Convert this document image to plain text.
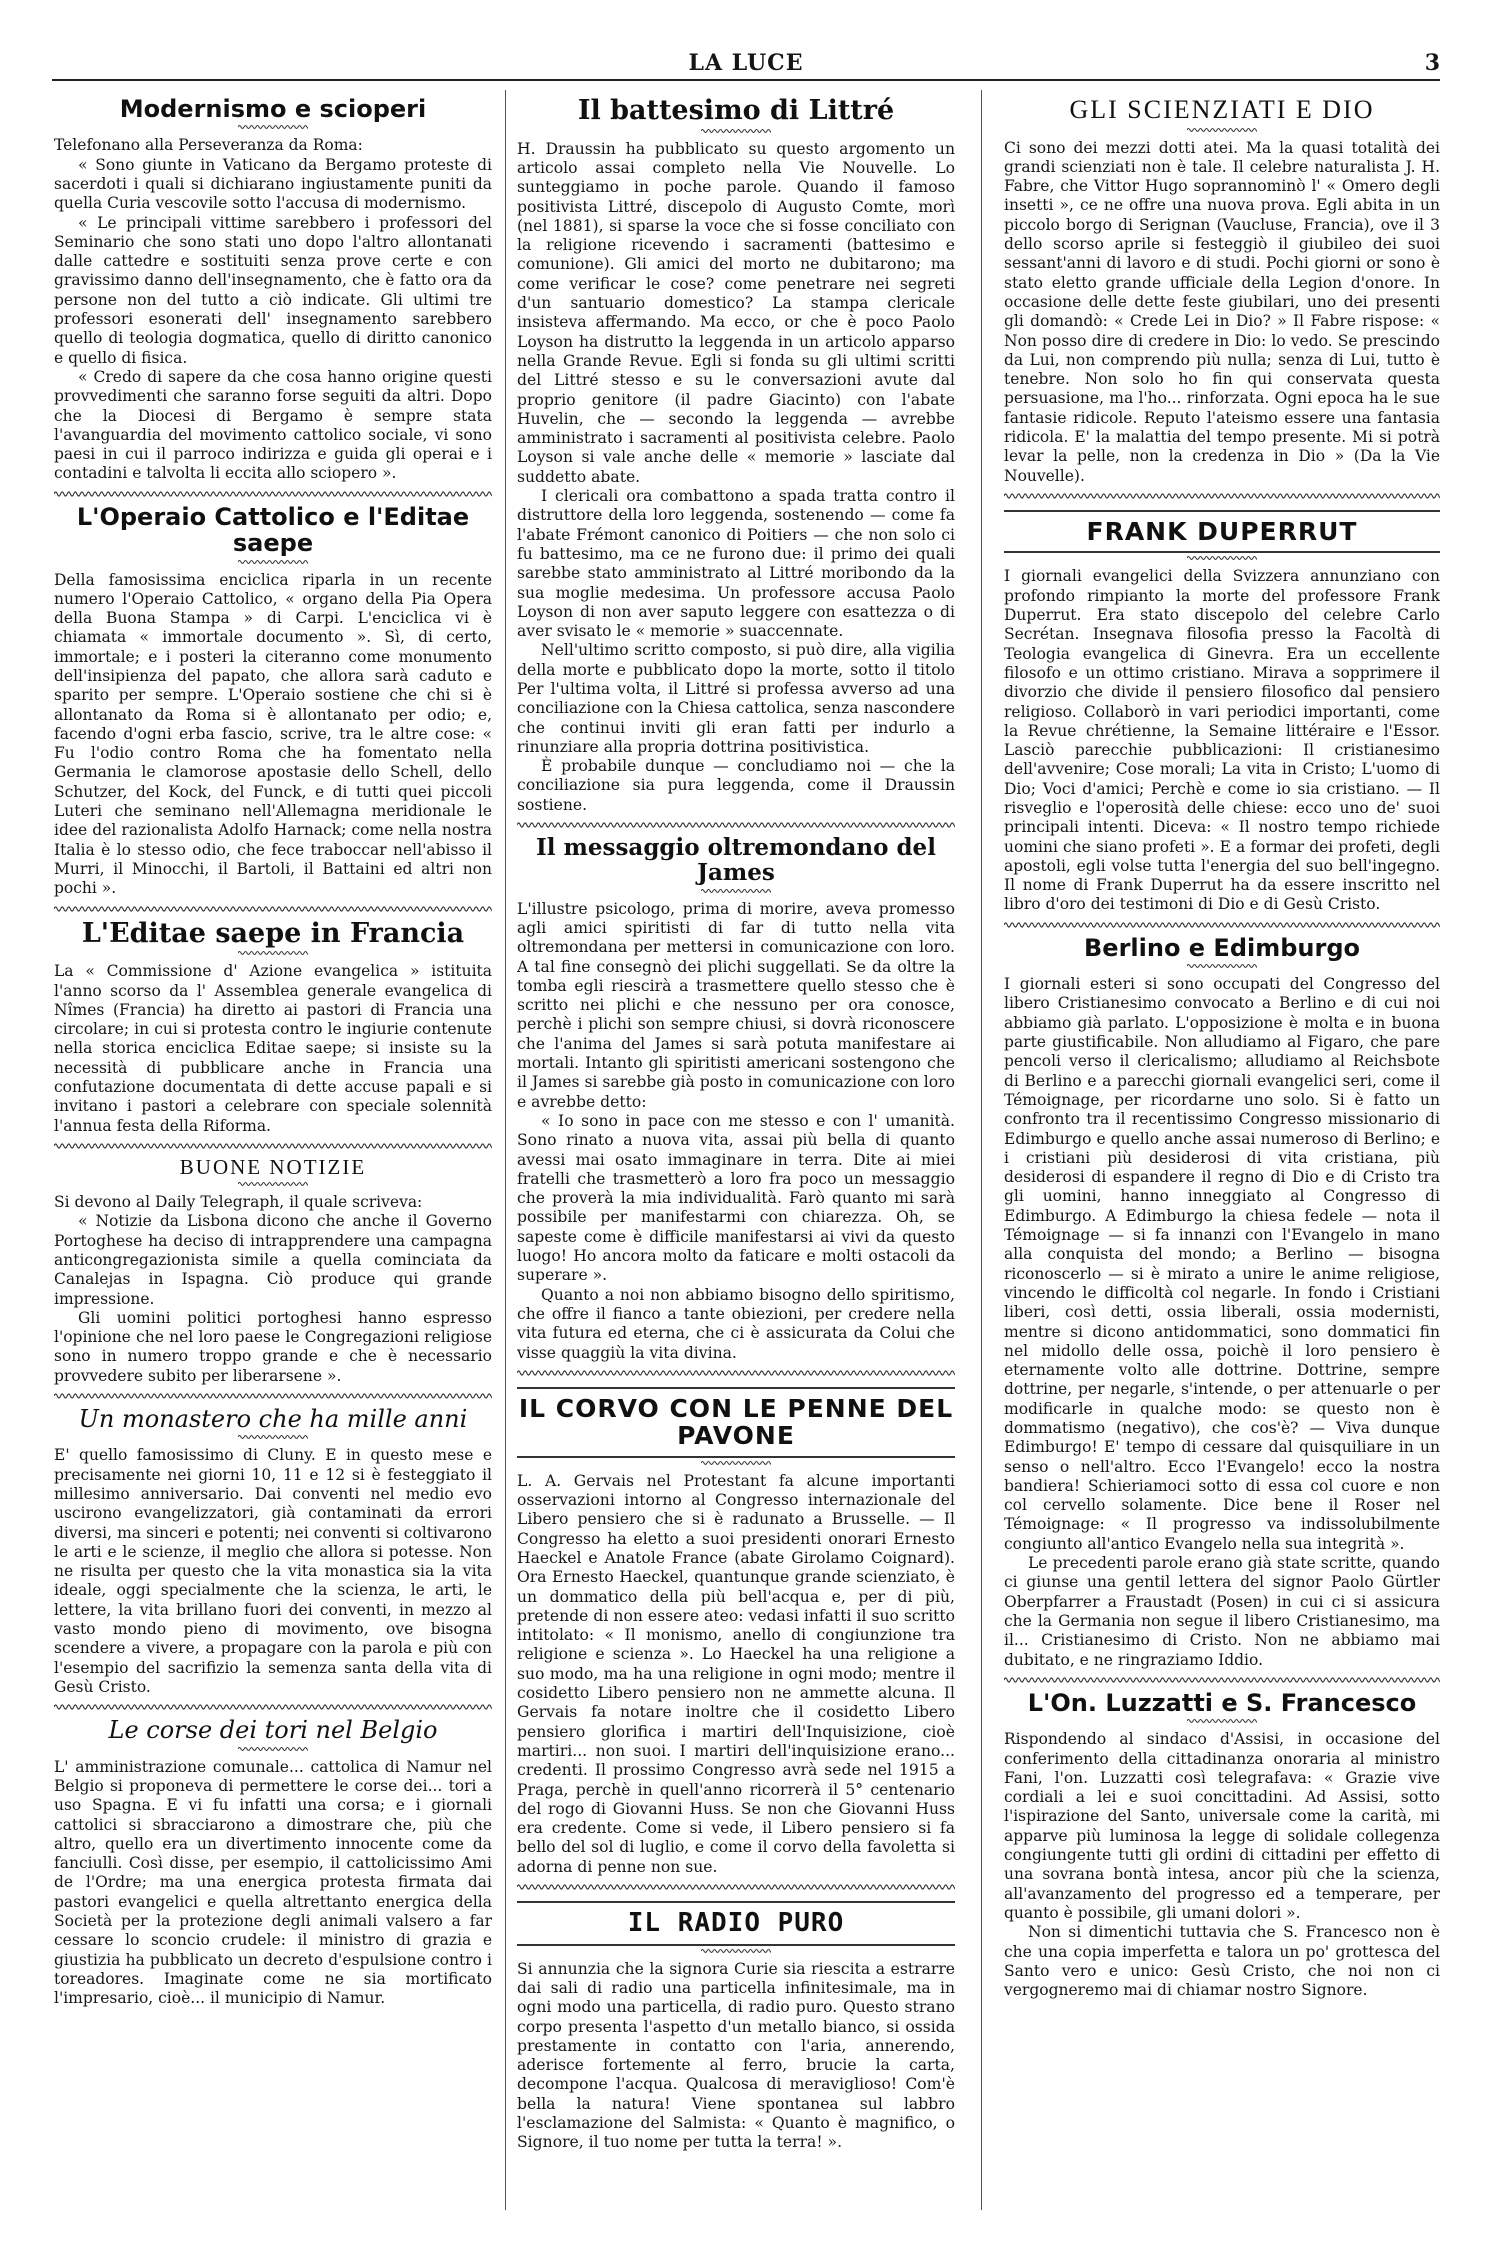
LA LUCE	3
Modernismo e scioperi

Telefonano alla Perseveranza da Roma:

« Sono giunte in Vaticano da Bergamo proteste di sacerdoti i quali si dichiarano ingiustamente puniti da quella Curia vescovile sotto l'accusa di modernismo.

« Le principali vittime sarebbero i professori del Seminario che sono stati uno dopo l'altro allontanati dalle cattedre e sostituiti senza prove certe e con gravissimo danno dell'insegnamento, che è fatto ora da persone non del tutto a ciò indicate. Gli ultimi tre professori esonerati dell' insegnamento sarebbero quello di teologia dogmatica, quello di diritto canonico e quello di fisica.

« Credo di sapere da che cosa hanno origine questi provvedimenti che saranno forse seguiti da altri. Dopo che la Diocesi di Bergamo è sempre stata l'avanguardia del movimento cattolico sociale, vi sono paesi in cui il parroco indirizza e guida gli operai e i contadini e talvolta li eccita allo sciopero ».

L'Operaio Cattolico e l'Editae saepe

Della famosissima enciclica riparla in un recente numero l'Operaio Cattolico, « organo della Pia Opera della Buona Stampa » di Carpi. L'enciclica vi è chiamata « immortale documento ». Sì, di certo, immortale; e i posteri la citeranno come monumento dell'insipienza del papato, che allora sarà caduto e sparito per sempre. L'Operaio sostiene che chi si è allontanato da Roma si è allontanato per odio; e, facendo d'ogni erba fascio, scrive, tra le altre cose: « Fu l'odio contro Roma che ha fomentato nella Germania le clamorose apostasie dello Schell, dello Schutzer, del Kock, del Funck, e di tutti quei piccoli Luteri che seminano nell'Allemagna meridionale le idee del razionalista Adolfo Harnack; come nella nostra Italia è lo stesso odio, che fece traboccar nell'abisso il Murri, il Minocchi, il Bartoli, il Battaini ed altri non pochi ».

L'Editae saepe in Francia

La « Commissione d' Azione evangelica » istituita l'anno scorso da l' Assemblea generale evangelica di Nîmes (Francia) ha diretto ai pastori di Francia una circolare; in cui si protesta contro le ingiurie contenute nella storica enciclica Editae saepe; si insiste su la necessità di pubblicare anche in Francia una confutazione documentata di dette accuse papali e si invitano i pastori a celebrare con speciale solennità l'annua festa della Riforma.

BUONE NOTIZIE

Si devono al Daily Telegraph, il quale scriveva:

« Notizie da Lisbona dicono che anche il Governo Portoghese ha deciso di intrapprendere una campagna anticongregazionista simile a quella cominciata da Canalejas in Ispagna. Ciò produce qui grande impressione.

Gli uomini politici portoghesi hanno espresso l'opinione che nel loro paese le Congregazioni religiose sono in numero troppo grande e che è necessario provvedere subito per liberarsene ».

Un monastero che ha mille anni

E' quello famosissimo di Cluny. E in questo mese e precisamente nei giorni 10, 11 e 12 si è festeggiato il millesimo anniversario. Dai conventi nel medio evo uscirono evangelizzatori, già contaminati da errori diversi, ma sinceri e potenti; nei conventi si coltivarono le arti e le scienze, il meglio che allora si potesse. Non ne risulta per questo che la vita monastica sia la vita ideale, oggi specialmente che la scienza, le arti, le lettere, la vita brillano fuori dei conventi, in mezzo al vasto mondo pieno di movimento, ove bisogna scendere a vivere, a propagare con la parola e più con l'esempio del sacrifizio la semenza santa della vita di Gesù Cristo.

Le corse dei tori nel Belgio

L' amministrazione comunale... cattolica di Namur nel Belgio si proponeva di permettere le corse dei... tori a uso Spagna. E vi fu infatti una corsa; e i giornali cattolici si sbracciarono a dimostrare che, più che altro, quello era un divertimento innocente come da fanciulli. Così disse, per esempio, il cattolicissimo Ami de l'Ordre; ma una energica protesta firmata dai pastori evangelici e quella altrettanto energica della Società per la protezione degli animali valsero a far cessare lo sconcio crudele: il ministro di grazia e giustizia ha pubblicato un decreto d'espulsione contro i toreadores. Imaginate come ne sia mortificato l'impresario, cioè... il municipio di Namur.

Il battesimo di Littré

H. Draussin ha pubblicato su questo argomento un articolo assai completo nella Vie Nouvelle. Lo sunteggiamo in poche parole. Quando il famoso positivista Littré, discepolo di Augusto Comte, morì (nel 1881), si sparse la voce che si fosse conciliato con la religione ricevendo i sacramenti (battesimo e comunione). Gli amici del morto ne dubitarono; ma come verificar le cose? come penetrare nei segreti d'un santuario domestico? La stampa clericale insisteva affermando. Ma ecco, or che è poco Paolo Loyson ha distrutto la leggenda in un articolo apparso nella Grande Revue. Egli si fonda su gli ultimi scritti del Littré stesso e su le conversazioni avute dal proprio genitore (il padre Giacinto) con l'abate Huvelin, che — secondo la leggenda — avrebbe amministrato i sacramenti al positivista celebre. Paolo Loyson si vale anche delle « memorie » lasciate dal suddetto abate.

I clericali ora combattono a spada tratta contro il distruttore della loro leggenda, sostenendo — come fa l'abate Frémont canonico di Poitiers — che non solo ci fu battesimo, ma ce ne furono due: il primo dei quali sarebbe stato amministrato al Littré moribondo da la sua moglie medesima. Un professore accusa Paolo Loyson di non aver saputo leggere con esattezza o di aver svisato le « memorie » suaccennate.

Nell'ultimo scritto composto, si può dire, alla vigilia della morte e pubblicato dopo la morte, sotto il titolo Per l'ultima volta, il Littré si professa avverso ad una conciliazione con la Chiesa cattolica, senza nascondere che continui inviti gli eran fatti per indurlo a rinunziare alla propria dottrina positivistica.

È probabile dunque — concludiamo noi — che la conciliazione sia pura leggenda, come il Draussin sostiene.

Il messaggio oltremondano del James

L'illustre psicologo, prima di morire, aveva promesso agli amici spiritisti di far di tutto nella vita oltremondana per mettersi in comunicazione con loro. A tal fine consegnò dei plichi suggellati. Se da oltre la tomba egli riescirà a trasmettere quello stesso che è scritto nei plichi e che nessuno per ora conosce, perchè i plichi son sempre chiusi, si dovrà riconoscere che l'anima del James si sarà potuta manifestare ai mortali. Intanto gli spiritisti americani sostengono che il James si sarebbe già posto in comunicazione con loro e avrebbe detto:

« Io sono in pace con me stesso e con l' umanità. Sono rinato a nuova vita, assai più bella di quanto avessi mai osato immaginare in terra. Dite ai miei fratelli che trasmetterò a loro fra poco un messaggio che proverà la mia individualità. Farò quanto mi sarà possibile per manifestarmi con chiarezza. Oh, se sapeste come è difficile manifestarsi ai vivi da questo luogo! Ho ancora molto da faticare e molti ostacoli da superare ».

Quanto a noi non abbiamo bisogno dello spiritismo, che offre il fianco a tante obiezioni, per credere nella vita futura ed eterna, che ci è assicurata da Colui che visse quaggiù la vita divina.

IL CORVO CON LE PENNE DEL PAVONE

L. A. Gervais nel Protestant fa alcune importanti osservazioni intorno al Congresso internazionale del Libero pensiero che si è radunato a Brusselle. — Il Congresso ha eletto a suoi presidenti onorari Ernesto Haeckel e Anatole France (abate Girolamo Coignard). Ora Ernesto Haeckel, quantunque grande scienziato, è un dommatico della più bell'acqua e, per di più, pretende di non essere ateo: vedasi infatti il suo scritto intitolato: « Il monismo, anello di congiunzione tra religione e scienza ». Lo Haeckel ha una religione a suo modo, ma ha una religione in ogni modo; mentre il cosidetto Libero pensiero non ne ammette alcuna. Il Gervais fa notare inoltre che il cosidetto Libero pensiero glorifica i martiri dell'Inquisizione, cioè martiri... non suoi. I martiri dell'inquisizione erano... credenti. Il prossimo Congresso avrà sede nel 1915 a Praga, perchè in quell'anno ricorrerà il 5° centenario del rogo di Giovanni Huss. Se non che Giovanni Huss era credente. Come si vede, il Libero pensiero si fa bello del sol di luglio, e come il corvo della favoletta si adorna di penne non sue.

IL RADIO PURO

Si annunzia che la signora Curie sia riescita a estrarre dai sali di radio una particella infinitesimale, ma in ogni modo una particella, di radio puro. Questo strano corpo presenta l'aspetto d'un metallo bianco, si ossida prestamente in contatto con l'aria, annerendo, aderisce fortemente al ferro, brucie la carta, decompone l'acqua. Qualcosa di meraviglioso! Com'è bella la natura! Viene spontanea sul labbro l'esclamazione del Salmista: « Quanto è magnifico, o Signore, il tuo nome per tutta la terra! ».

GLI SCIENZIATI E DIO

Ci sono dei mezzi dotti atei. Ma la quasi totalità dei grandi scienziati non è tale. Il celebre naturalista J. H. Fabre, che Vittor Hugo soprannominò l' « Omero degli insetti », ce ne offre una nuova prova. Egli abita in un piccolo borgo di Serignan (Vaucluse, Francia), ove il 3 dello scorso aprile si festeggiò il giubileo dei suoi sessant'anni di lavoro e di studi. Pochi giorni or sono è stato eletto grande ufficiale della Legion d'onore. In occasione delle dette feste giubilari, uno dei presenti gli domandò: « Crede Lei in Dio? » Il Fabre rispose: « Non posso dire di credere in Dio: lo vedo. Se prescindo da Lui, non comprendo più nulla; senza di Lui, tutto è tenebre. Non solo ho fin qui conservata questa persuasione, ma l'ho... rinforzata. Ogni epoca ha le sue fantasie ridicole. Reputo l'ateismo essere una fantasia ridicola. E' la malattia del tempo presente. Mi si potrà levar la pelle, non la credenza in Dio » (Da la Vie Nouvelle).

FRANK DUPERRUT

I giornali evangelici della Svizzera annunziano con profondo rimpianto la morte del professore Frank Duperrut. Era stato discepolo del celebre Carlo Secrétan. Insegnava filosofia presso la Facoltà di Teologia evangelica di Ginevra. Era un eccellente filosofo e un ottimo cristiano. Mirava a sopprimere il divorzio che divide il pensiero filosofico dal pensiero religioso. Collaborò in vari periodici importanti, come la Revue chrétienne, la Semaine littéraire e l'Essor. Lasciò parecchie pubblicazioni: Il cristianesimo dell'avvenire; Cose morali; La vita in Cristo; L'uomo di Dio; Voci d'amici; Perchè e come io sia cristiano. — Il risveglio e l'operosità delle chiese: ecco uno de' suoi principali intenti. Diceva: « Il nostro tempo richiede uomini che siano profeti ». E a formar dei profeti, degli apostoli, egli volse tutta l'energia del suo bell'ingegno. Il nome di Frank Duperrut ha da essere inscritto nel libro d'oro dei testimoni di Dio e di Gesù Cristo.

Berlino e Edimburgo

I giornali esteri si sono occupati del Congresso del libero Cristianesimo convocato a Berlino e di cui noi abbiamo già parlato. L'opposizione è molta e in buona parte giustificabile. Non alludiamo al Figaro, che pare pencoli verso il clericalismo; alludiamo al Reichsbote di Berlino e a parecchi giornali evangelici seri, come il Témoignage, per ricordarne uno solo. Si è fatto un confronto tra il recentissimo Congresso missionario di Edimburgo e quello anche assai numeroso di Berlino; e i cristiani più desiderosi di vita cristiana, più desiderosi di espandere il regno di Dio e di Cristo tra gli uomini, hanno inneggiato al Congresso di Edimburgo. A Edimburgo la chiesa fedele — nota il Témoignage — si fa innanzi con l'Evangelo in mano alla conquista del mondo; a Berlino — bisogna riconoscerlo — si è mirato a unire le anime religiose, vincendo le difficoltà col negarle. In fondo i Cristiani liberi, così detti, ossia liberali, ossia modernisti, mentre si dicono antidommatici, sono dommatici fin nel midollo delle ossa, poichè il loro pensiero è eternamente volto alle dottrine. Dottrine, sempre dottrine, per negarle, s'intende, o per attenuarle o per modificarle in qualche modo: se questo non è dommatismo (negativo), che cos'è? — Viva dunque Edimburgo! E' tempo di cessare dal quisquiliare in un senso o nell'altro. Ecco l'Evangelo! ecco la nostra bandiera! Schieriamoci sotto di essa col cuore e non col cervello solamente. Dice bene il Roser nel Témoignage: « Il progresso va indissolubilmente congiunto all'antico Evangelo nella sua integrità ».

Le precedenti parole erano già state scritte, quando ci giunse una gentil lettera del signor Paolo Gürtler Oberpfarrer a Fraustadt (Posen) in cui ci si assicura che la Germania non segue il libero Cristianesimo, ma il... Cristianesimo di Cristo. Non ne abbiamo mai dubitato, e ne ringraziamo Iddio.

L'On. Luzzatti e S. Francesco

Rispondendo al sindaco d'Assisi, in occasione del conferimento della cittadinanza onoraria al ministro Fani, l'on. Luzzatti così telegrafava: « Grazie vive cordiali a lei e suoi concittadini. Ad Assisi, sotto l'ispirazione del Santo, universale come la carità, mi apparve più luminosa la legge di solidale collegenza congiungente tutti gli ordini di cittadini per effetto di una sovrana bontà intesa, ancor più che la scienza, all'avanzamento del progresso ed a temperare, per quanto è possibile, gli umani dolori ».

Non si dimentichi tuttavia che S. Francesco non è che una copia imperfetta e talora un po' grottesca del Santo vero e unico: Gesù Cristo, che noi non ci vergogneremo mai di chiamar nostro Signore.
